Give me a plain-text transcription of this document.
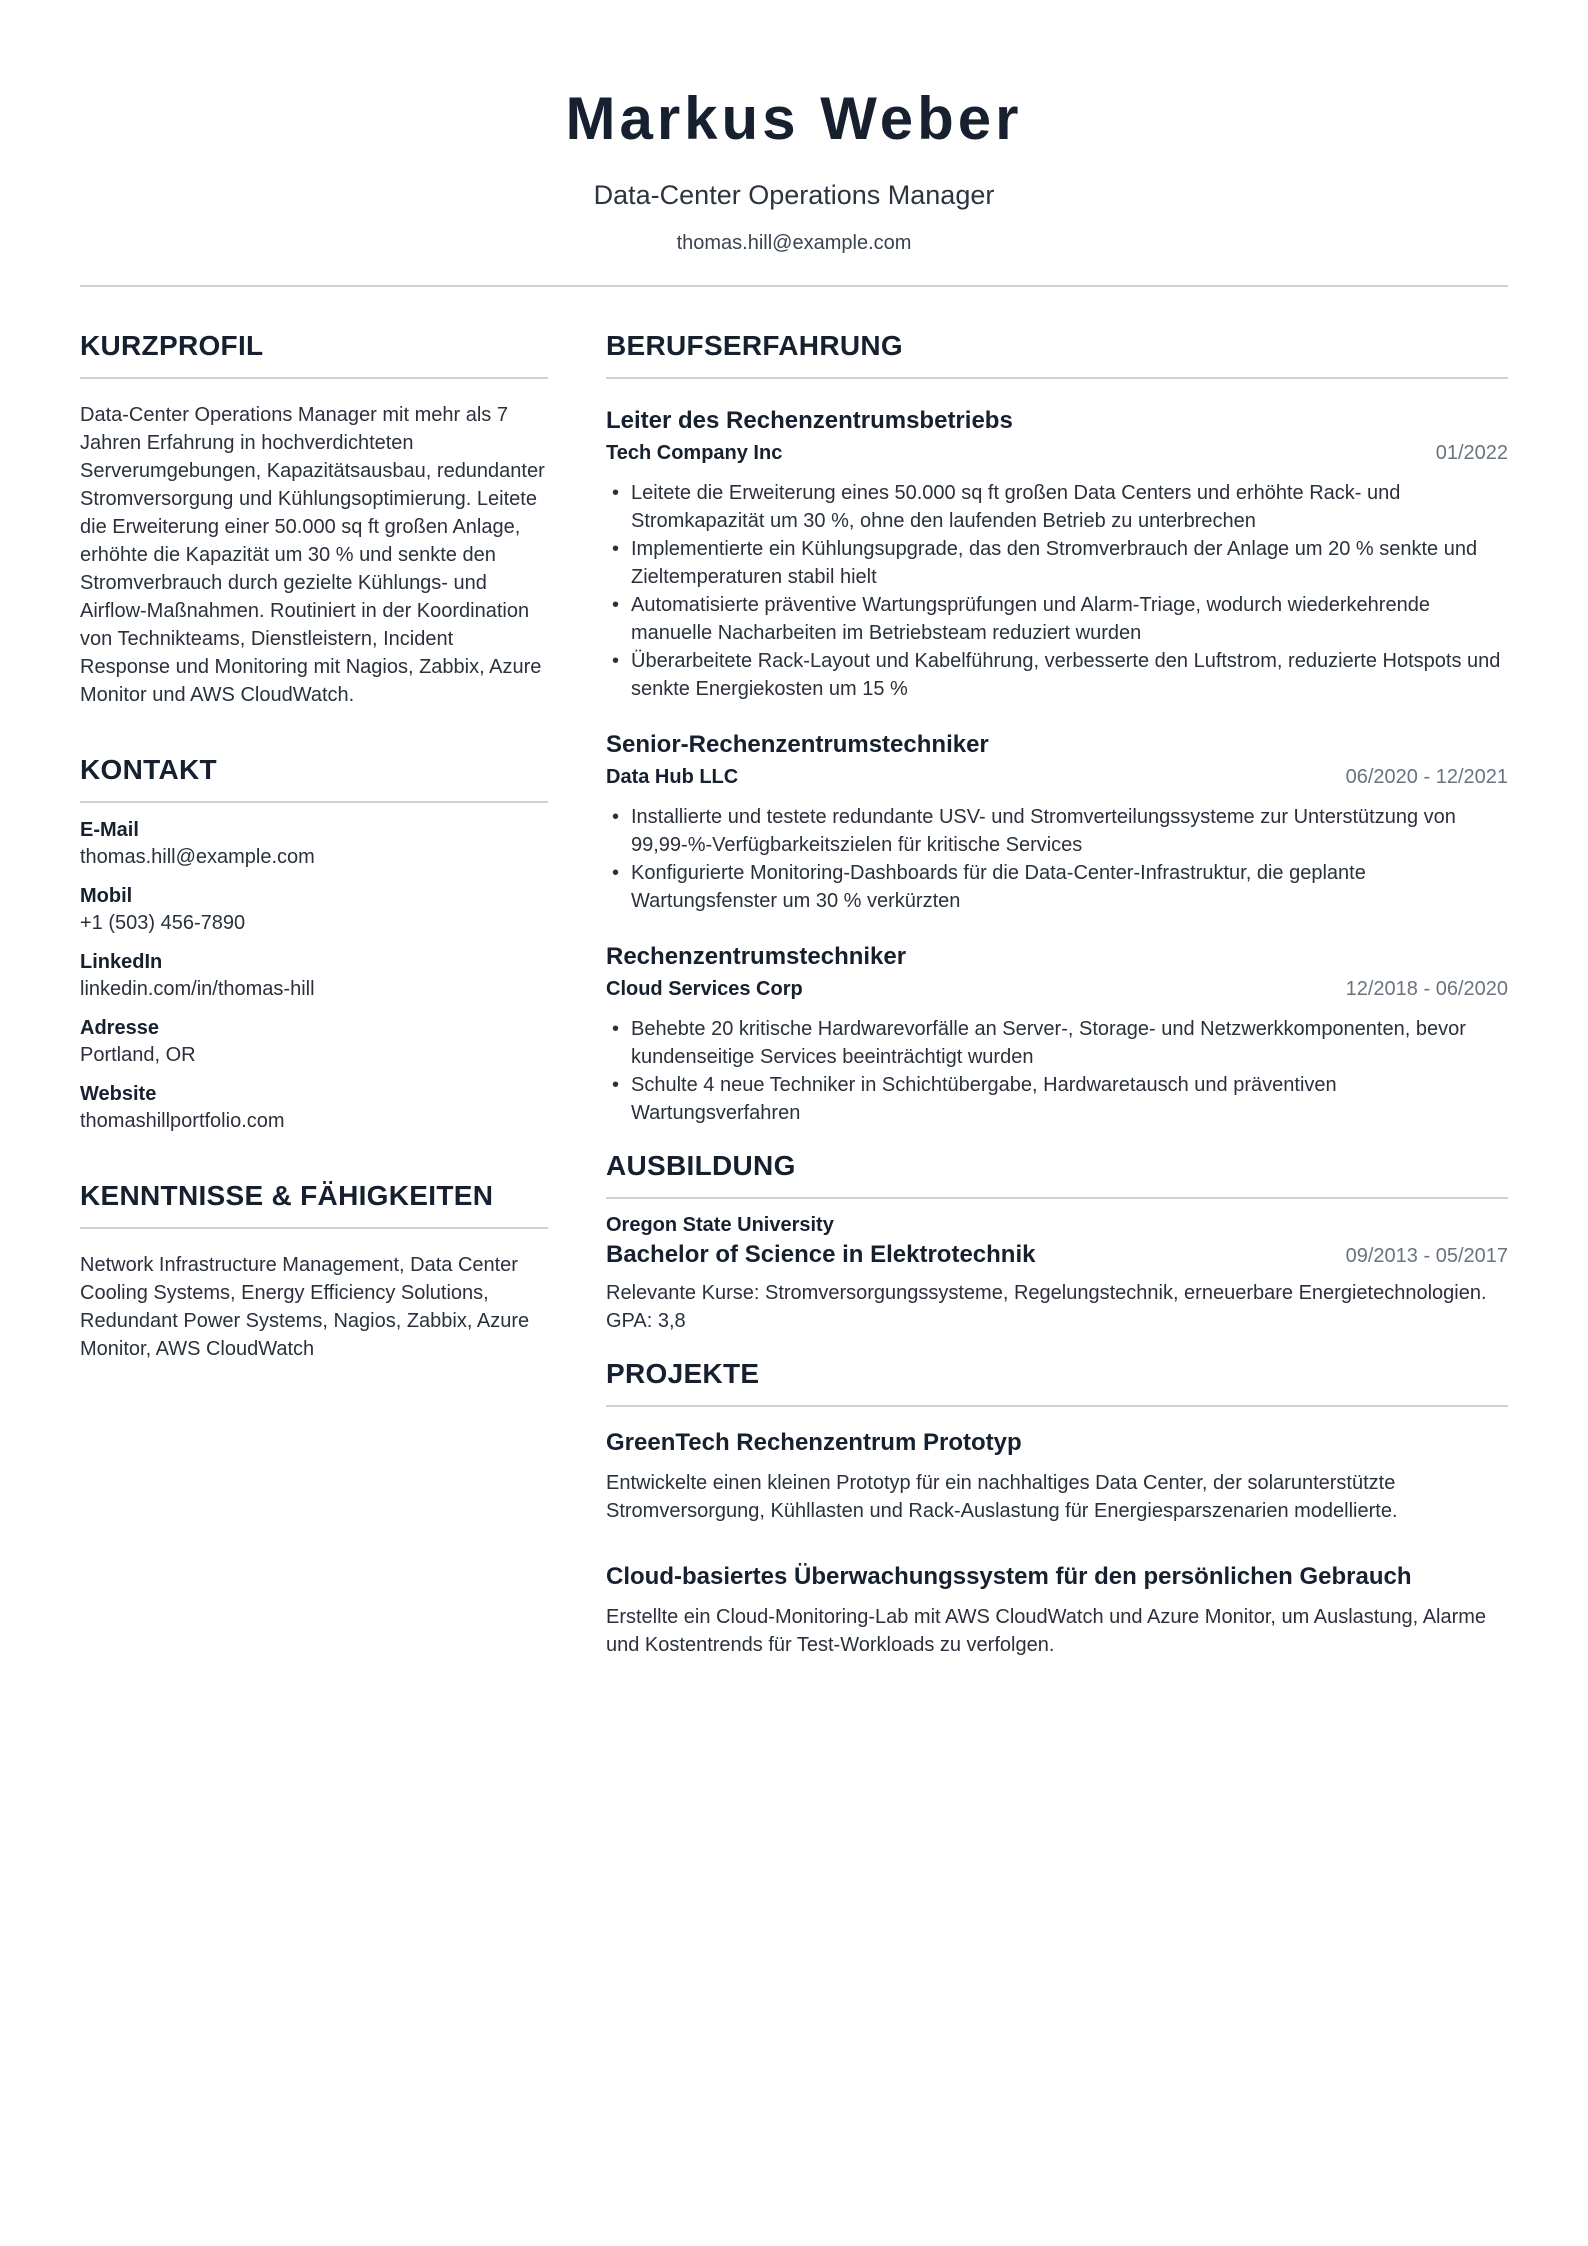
Markus Weber
Data-Center Operations Manager
thomas.hill@example.com
KURZPROFIL
Data-Center Operations Manager mit mehr als 7 Jahren Erfahrung in hochverdichteten Serverumgebungen, Kapazitätsausbau, redundanter Stromversorgung und Kühlungsoptimierung. Leitete die Erweiterung einer 50.000 sq ft großen Anlage, erhöhte die Kapazität um 30 % und senkte den Stromverbrauch durch gezielte Kühlungs- und Airflow-Maßnahmen. Routiniert in der Koordination von Technikteams, Dienstleistern, Incident Response und Monitoring mit Nagios, Zabbix, Azure Monitor und AWS CloudWatch.
KONTAKT
E-Mail
thomas.hill@example.com
Mobil
+1 (503) 456-7890
LinkedIn
linkedin.com/in/thomas-hill
Adresse
Portland, OR
Website
thomashillportfolio.com
KENNTNISSE & FÄHIGKEITEN
Network Infrastructure Management, Data Center Cooling Systems, Energy Efficiency Solutions, Redundant Power Systems, Nagios, Zabbix, Azure Monitor, AWS CloudWatch
BERUFSERFAHRUNG
Leiter des Rechenzentrumsbetriebs
Tech Company Inc	01/2022
• Leitete die Erweiterung eines 50.000 sq ft großen Data Centers und erhöhte Rack- und Stromkapazität um 30 %, ohne den laufenden Betrieb zu unterbrechen
• Implementierte ein Kühlungsupgrade, das den Stromverbrauch der Anlage um 20 % senkte und Zieltemperaturen stabil hielt
• Automatisierte präventive Wartungsprüfungen und Alarm-Triage, wodurch wiederkehrende manuelle Nacharbeiten im Betriebsteam reduziert wurden
• Überarbeitete Rack-Layout und Kabelführung, verbesserte den Luftstrom, reduzierte Hotspots und senkte Energiekosten um 15 %
Senior-Rechenzentrumstechniker
Data Hub LLC	06/2020 - 12/2021
• Installierte und testete redundante USV- und Stromverteilungssysteme zur Unterstützung von 99,99-%-Verfügbarkeitszielen für kritische Services
• Konfigurierte Monitoring-Dashboards für die Data-Center-Infrastruktur, die geplante Wartungsfenster um 30 % verkürzten
Rechenzentrumstechniker
Cloud Services Corp	12/2018 - 06/2020
• Behebte 20 kritische Hardwarevorfälle an Server-, Storage- und Netzwerkkomponenten, bevor kundenseitige Services beeinträchtigt wurden
• Schulte 4 neue Techniker in Schichtübergabe, Hardwaretausch und präventiven Wartungsverfahren
AUSBILDUNG
Oregon State University
Bachelor of Science in Elektrotechnik	09/2013 - 05/2017
Relevante Kurse: Stromversorgungssysteme, Regelungstechnik, erneuerbare Energietechnologien. GPA: 3,8
PROJEKTE
GreenTech Rechenzentrum Prototyp
Entwickelte einen kleinen Prototyp für ein nachhaltiges Data Center, der solarunterstützte Stromversorgung, Kühllasten und Rack-Auslastung für Energiesparszenarien modellierte.
Cloud-basiertes Überwachungssystem für den persönlichen Gebrauch
Erstellte ein Cloud-Monitoring-Lab mit AWS CloudWatch und Azure Monitor, um Auslastung, Alarme und Kostentrends für Test-Workloads zu verfolgen.
